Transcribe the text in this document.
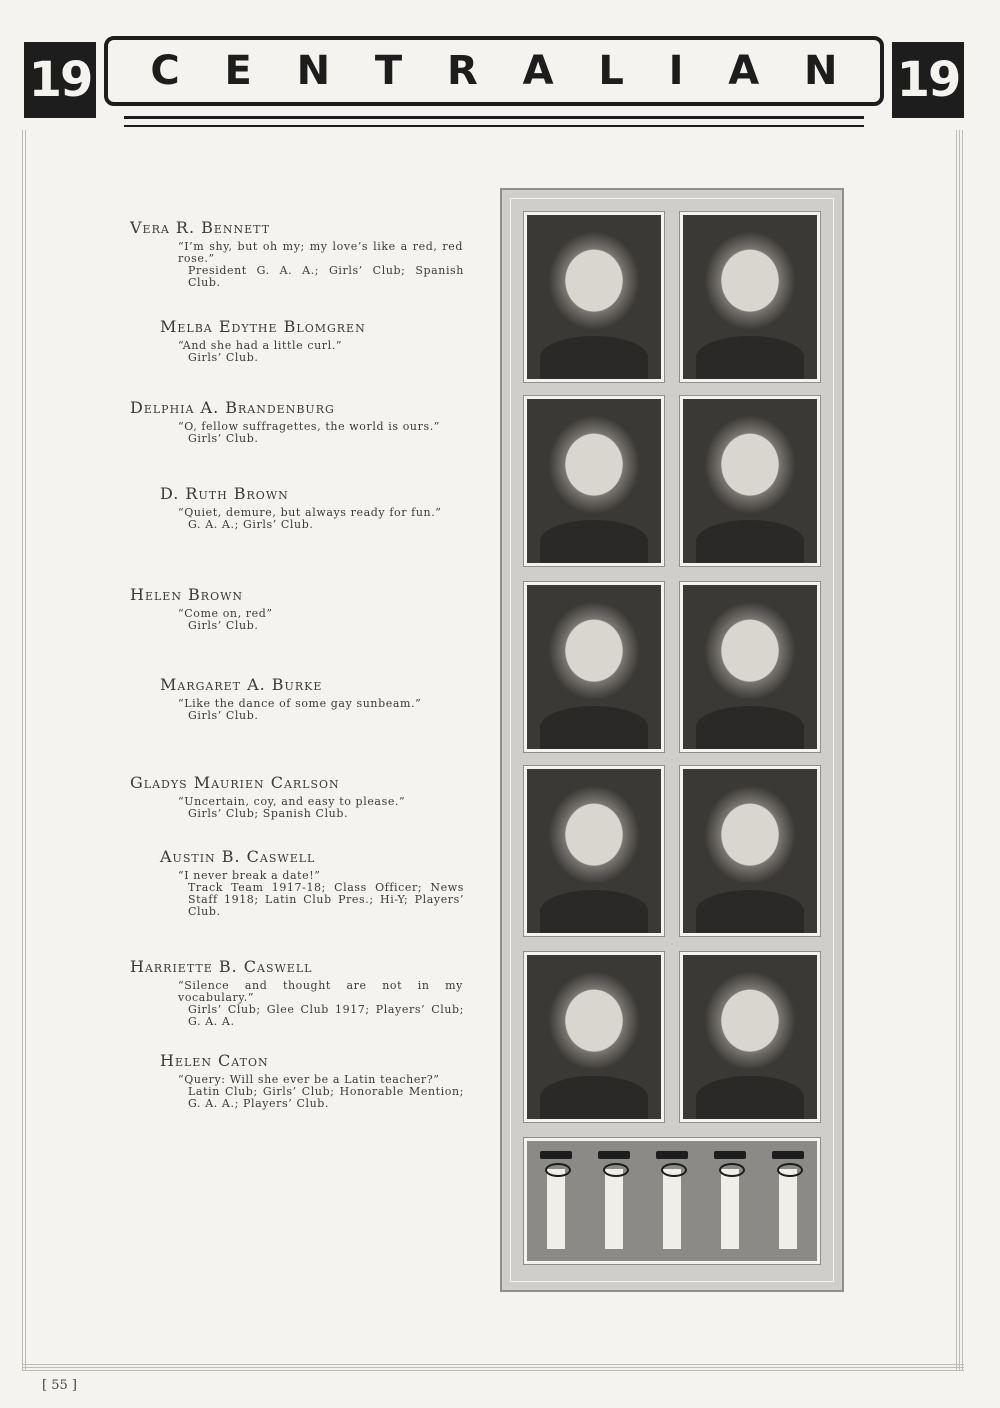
19 C E N T R A L I A N 19

Vera R. Bennett

“I’m shy, but oh my; my love’s like a red, red rose.”

President G. A. A.; Girls’ Club; Spanish Club.

Melba Edythe Blomgren

“And she had a little curl.”

Girls’ Club.

Delphia A. Brandenburg

“O, fellow suffragettes, the world is ours.”

Girls’ Club.

D. Ruth Brown

“Quiet, demure, but always ready for fun.”

G. A. A.; Girls’ Club.

Helen Brown

“Come on, red”

Girls’ Club.

Margaret A. Burke

“Like the dance of some gay sunbeam.”

Girls’ Club.

Gladys Maurien Carlson

“Uncertain, coy, and easy to please.”

Girls’ Club; Spanish Club.

Austin B. Caswell

“I never break a date!”

Track Team 1917-18; Class Officer; News Staff 1918; Latin Club Pres.; Hi-Y; Players’ Club.

Harriette B. Caswell

“Silence and thought are not in my vocabulary.”

Girls’ Club; Glee Club 1917; Players’ Club; G. A. A.

Helen Caton

“Query: Will she ever be a Latin teacher?”

Latin Club; Girls’ Club; Honorable Mention; G. A. A.; Players’ Club.

[ 55 ]
